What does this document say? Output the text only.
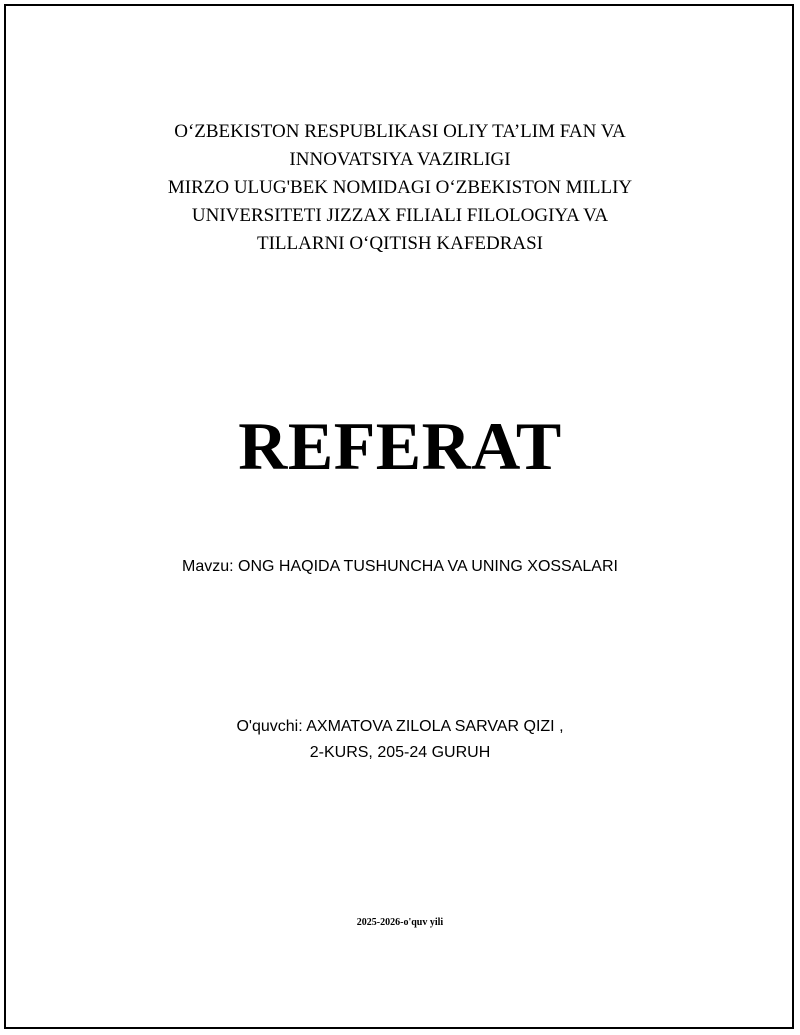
O‘ZBEKISTON RESPUBLIKASI OLIY TA’LIM FAN VA
INNOVATSIYA VAZIRLIGI
MIRZO ULUG'BEK NOMIDAGI O‘ZBEKISTON MILLIY
UNIVERSITETI JIZZAX FILIALI FILOLOGIYA VA
TILLARNI O‘QITISH KAFEDRASI
REFERAT
Mavzu: ONG HAQIDA TUSHUNCHA VA UNING XOSSALARI
O'quvchi: AXMATOVA ZILOLA SARVAR QIZI ,
2-KURS, 205-24 GURUH
2025-2026-o'quv yili
